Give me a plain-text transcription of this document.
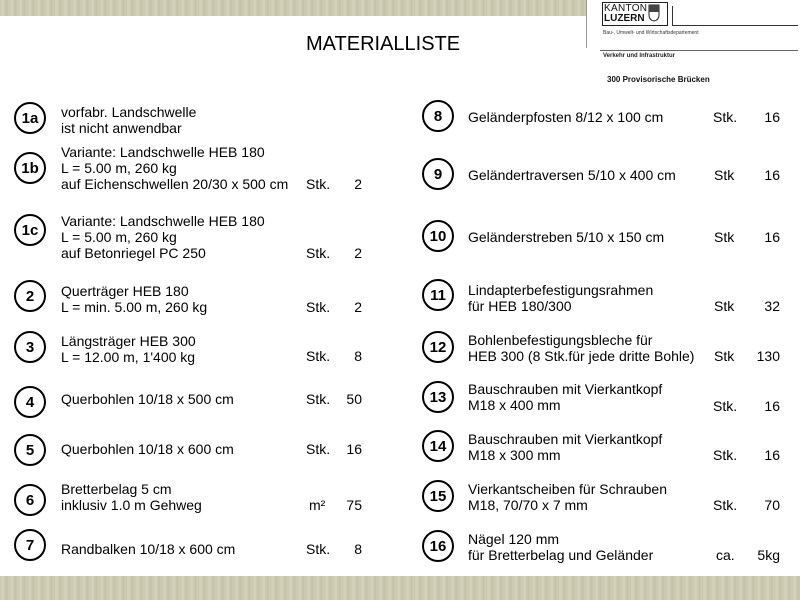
KANTON
LUZERN
Bau-, Umwelt- und Wirtschaftsdepartement
Verkehr und Infrastruktur
300 Provisorische Brücken
MATERIALLISTE
1a	vorfabr. Landschwelle
ist nicht anwendbar
1b
Variante: Landschwelle HEB 180
L = 5.00 m, 260 kg
auf Eichenschwellen 20/30 x 500 cm Stk.	2
1c
Variante: Landschwelle HEB 180
L = 5.00 m, 260 kg
auf Betonriegel PC 250	Stk.	2
2	Querträger HEB 180
L = min. 5.00 m, 260 kg	Stk.	2
3	Längsträger HEB 300
L = 12.00 m, 1'400 kg	Stk.	8
4	Querbohlen 10/18 x 500 cm	Stk.	50
5	Querbohlen 10/18 x 600 cm	Stk.	16
6
Bretterbelag 5 cm
inklusiv 1.0 m Gehweg	m²	75
7	Randbalken 10/18 x 600 cm	Stk.	8
8	Geländerpfosten 8/12 x 100 cm	Stk.	16
9	Geländertraversen 5/10 x 400 cm	Stk	16
10	Geländerstreben 5/10 x 150 cm	Stk	16
11	Lindapterbefestigungsrahmen
für HEB 180/300	Stk	32
12	Bohlenbefestigungsbleche für
HEB 300 (8 Stk.für jede dritte Bohle) Stk	130
13	Bauschrauben mit Vierkantkopf
M18 x 400 mm	Stk.	16
14	Bauschrauben mit Vierkantkopf
M18 x 300 mm	Stk.	16
15	Vierkantscheiben für Schrauben
M18, 70/70 x 7 mm	Stk.	70
16	Nägel 120 mm
für Bretterbelag und Geländer	ca.	5kg
